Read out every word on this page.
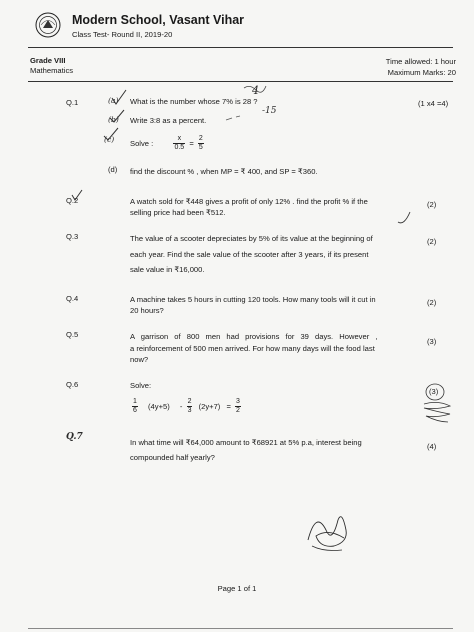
Modern School, Vasant Vihar
Class Test- Round II, 2019-20
Grade VIII
Mathematics
Time allowed: 1 hour
Maximum Marks: 20
Q.1	(1 x4 =4)
(a) What is the number whose 7% is 28 ?
4
-15
(b) Write 3:8 as a percent.
(c) Solve :	$\frac{x}{0.5} = \frac{2}{5}$
(d) find the discount % , when MP = ₹ 400, and SP = ₹360.
Q.2	A watch sold for ₹448 gives a profit of only 12% . find the profit % if the
selling price had been ₹512.
(2)
Q.3	The value of a scooter depreciates by 5% of its value at the beginning of
each year. Find the sale value of the scooter after 3 years, if its present
sale value in ₹16,000.
(2)
Q.4	A machine takes 5 hours in cutting 120 tools. How many tools will it cut in
20 hours?
(2)
Q.5	A garrison of 800 men had provisions for 39 days. However ,
a reinforcement of 500 men arrived. For how many days will the food last
now?
(3)
Q.6	Solve:
$\frac{1}{6} (4y+5) - \frac{2}{3} (2y+7) = \frac{3}{2}$
(3)
Q.7
In what time will ₹64,000 amount to ₹68921 at 5% p.a, interest being
compounded half yearly?
(4)
Page 1 of 1
